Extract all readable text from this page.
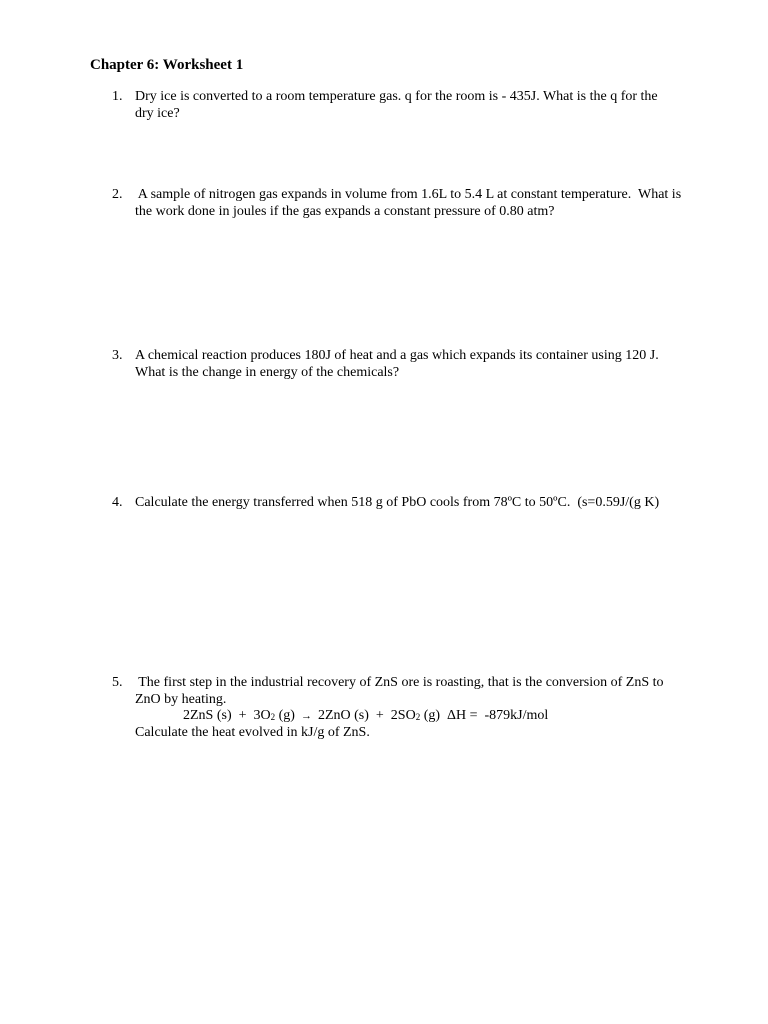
Chapter 6: Worksheet 1
1. Dry ice is converted to a room temperature gas. q for the room is - 435J. What is the q for the
dry ice?
2. A sample of nitrogen gas expands in volume from 1.6L to 5.4 L at constant temperature.  What is
the work done in joules if the gas expands a constant pressure of 0.80 atm?
3. A chemical reaction produces 180J of heat and a gas which expands its container using 120 J.
What is the change in energy of the chemicals?
4. Calculate the energy transferred when 518 g of PbO cools from 78ºC to 50ºC.  (s=0.59J/(g K)
5. The first step in the industrial recovery of ZnS ore is roasting, that is the conversion of ZnS to
ZnO by heating.
2ZnS $(s) + 3O_2$ (g) → 2ZnO $(s) + 2SO_2$ (g)  ΔH =  -879kJ/mol
Calculate the heat evolved in kJ/g of ZnS.
